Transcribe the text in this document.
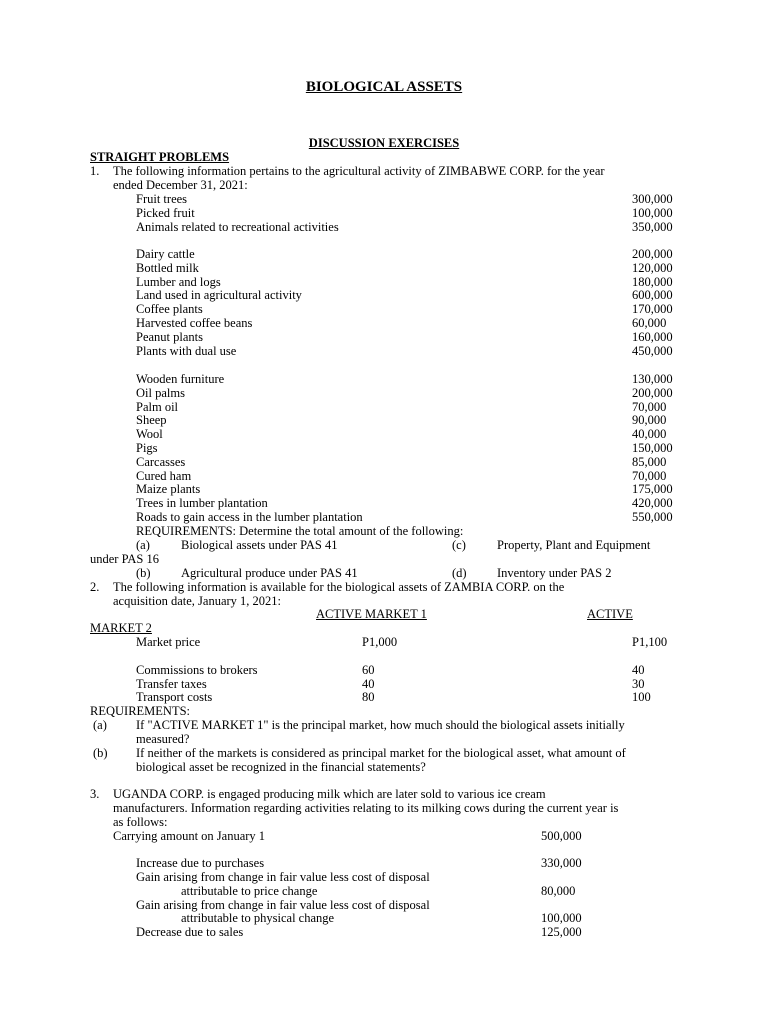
BIOLOGICAL ASSETS
DISCUSSION EXERCISES
STRAIGHT PROBLEMS
1. The following information pertains to the agricultural activity of ZIMBABWE CORP. for the year
ended December 31, 2021:
Fruit trees	300,000
Picked fruit	100,000
Animals related to recreational activities	350,000
Dairy cattle	200,000
Bottled milk	120,000
Lumber and logs	180,000
Land used in agricultural activity	600,000
Coffee plants	170,000
Harvested coffee beans	60,000
Peanut plants	160,000
Plants with dual use	450,000
Wooden furniture	130,000
Oil palms	200,000
Palm oil	70,000
Sheep	90,000
Wool	40,000
Pigs	150,000
Carcasses	85,000
Cured ham	70,000
Maize plants	175,000
Trees in lumber plantation	420,000
Roads to gain access in the lumber plantation	550,000
REQUIREMENTS: Determine the total amount of the following:
(a) Biological assets under PAS 41	(c) Property, Plant and Equipment
under PAS 16
(b) Agricultural produce under PAS 41	(d) Inventory under PAS 2
2. The following information is available for the biological assets of ZAMBIA CORP. on the
acquisition date, January 1, 2021:
ACTIVE MARKET 1	ACTIVE
MARKET 2
Market price	P1,000	P1,100
Commissions to brokers	60	40
Transfer taxes	40	30
Transport costs	80	100
REQUIREMENTS:
(a) If "ACTIVE MARKET 1" is the principal market, how much should the biological assets initially
measured?
(b) If neither of the markets is considered as principal market for the biological asset, what amount of
biological asset be recognized in the financial statements?
3. UGANDA CORP. is engaged producing milk which are later sold to various ice cream
manufacturers. Information regarding activities relating to its milking cows during the current year is
as follows:
Carrying amount on January 1	500,000
Increase due to purchases	330,000
Gain arising from change in fair value less cost of disposal
attributable to price change	80,000
Gain arising from change in fair value less cost of disposal
attributable to physical change	100,000
Decrease due to sales	125,000
